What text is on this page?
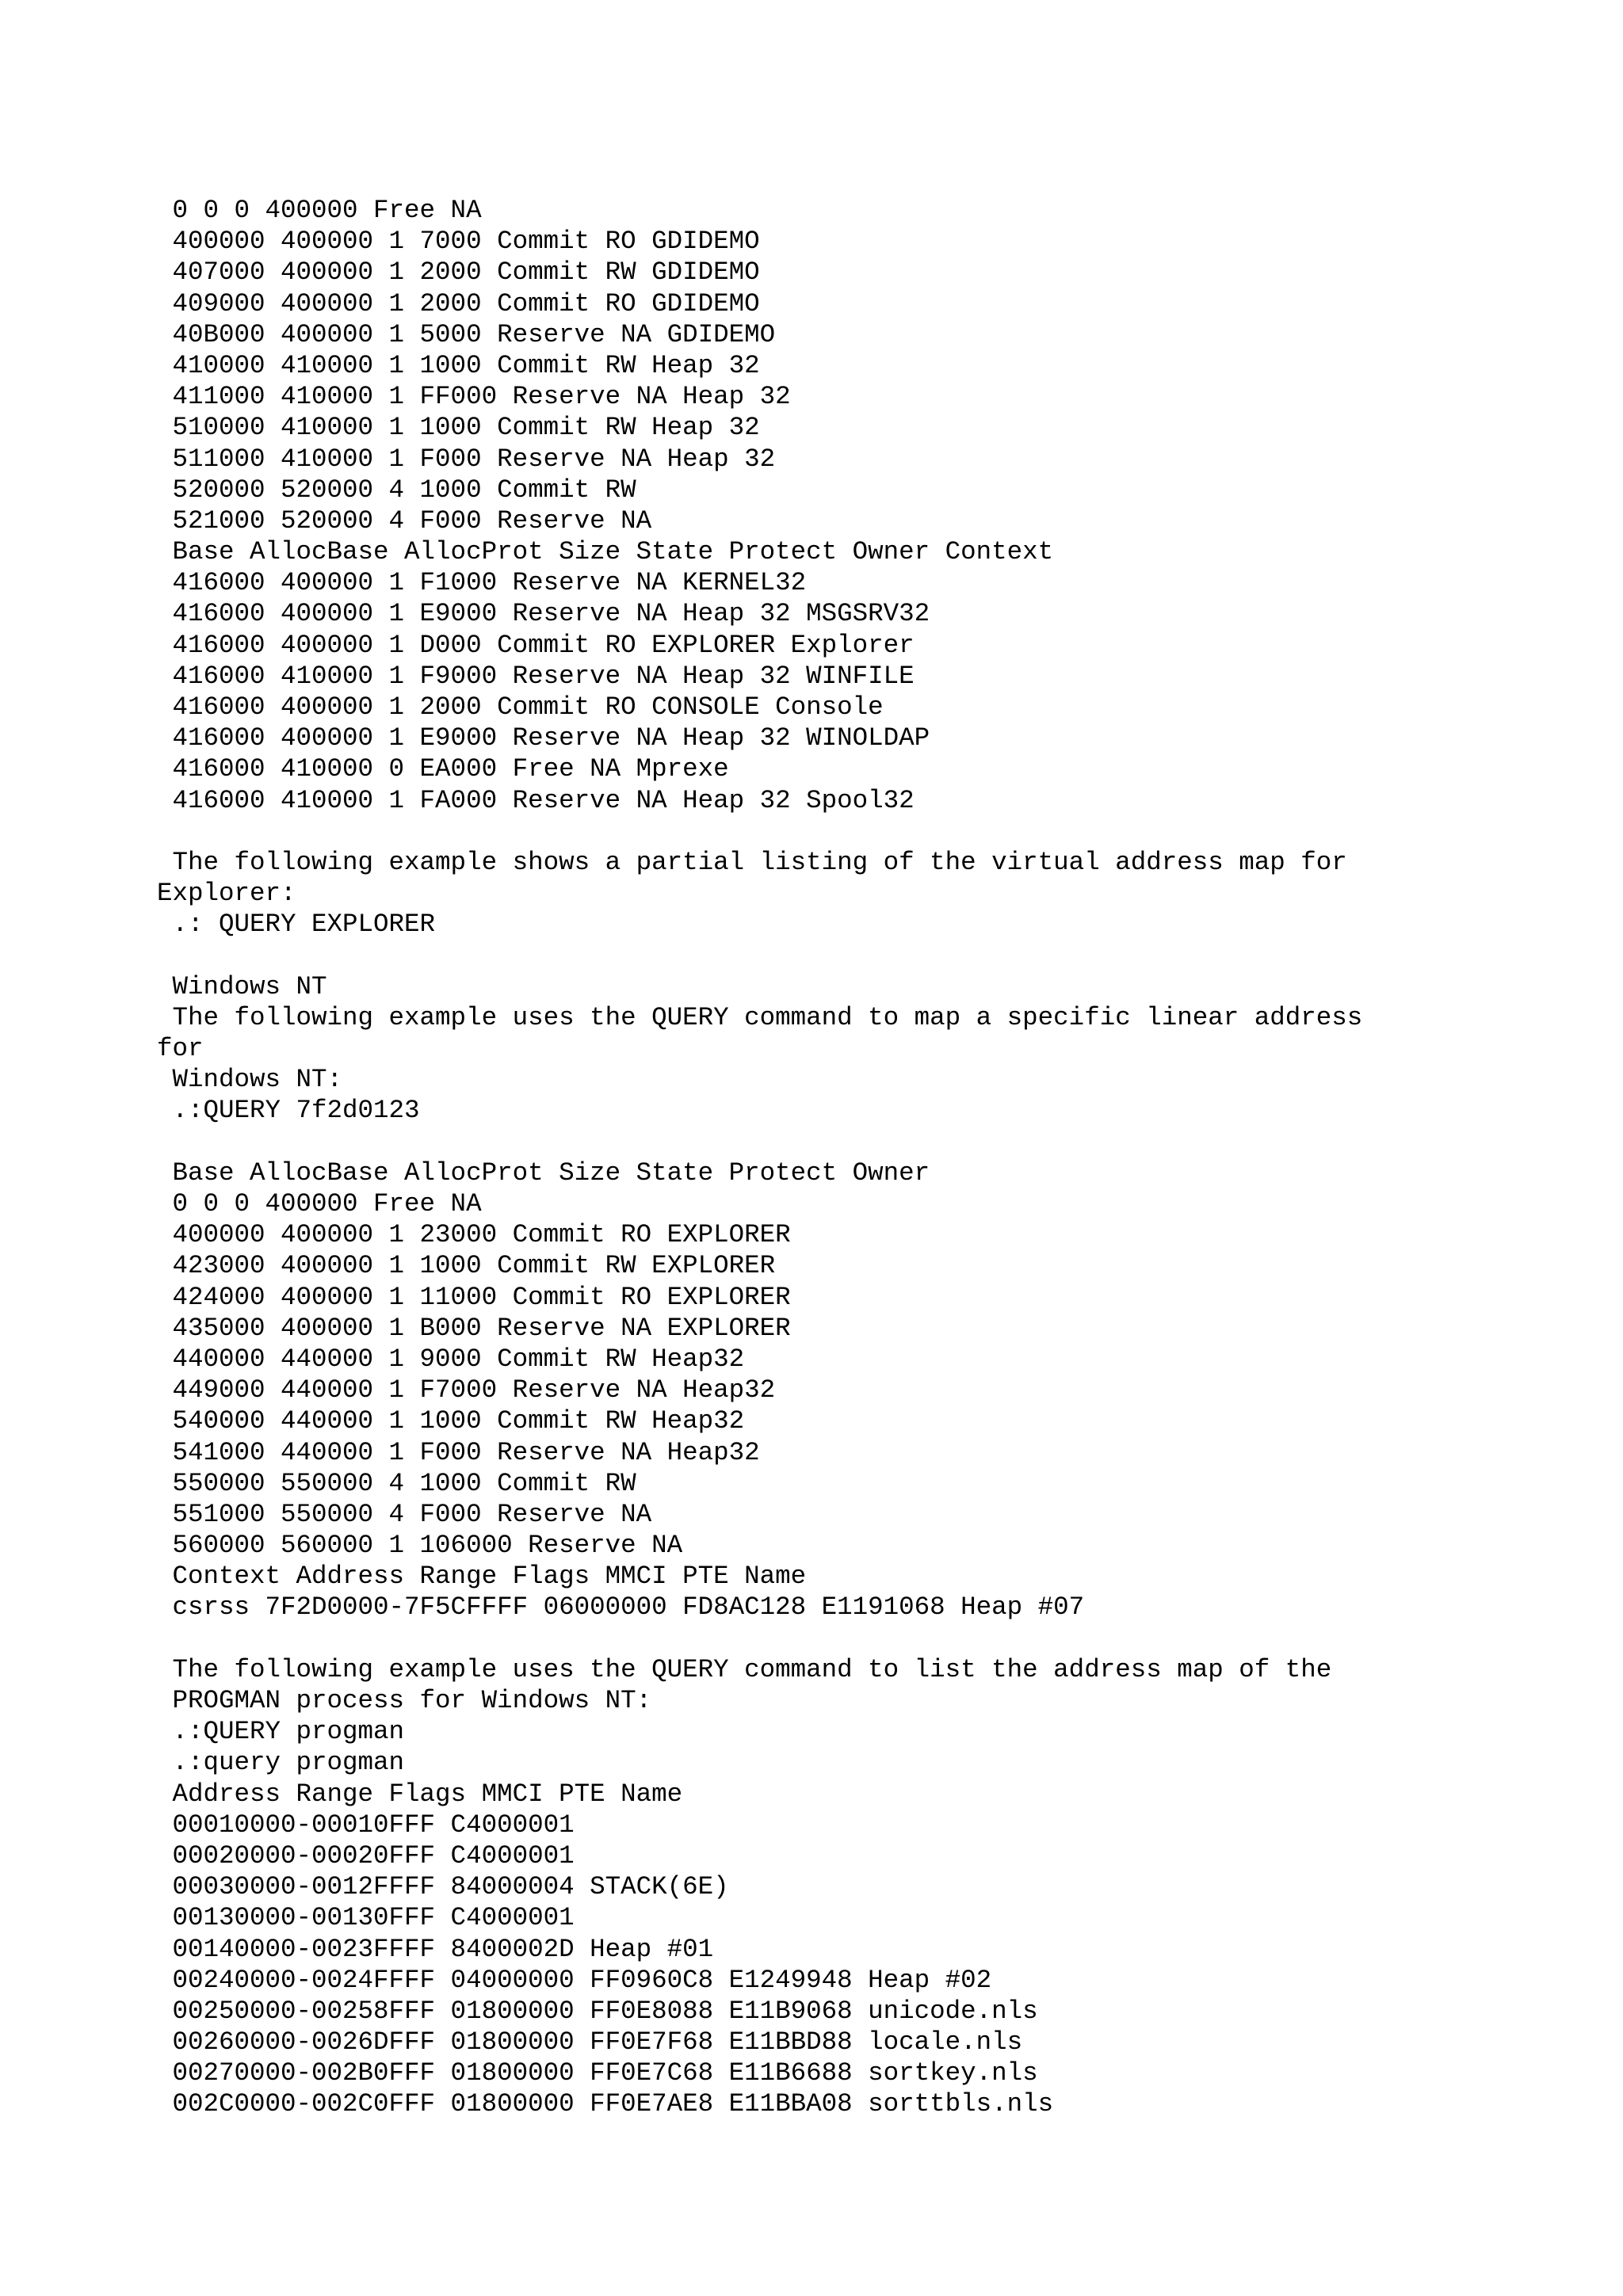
0 0 0 400000 Free NA
400000 400000 1 7000 Commit RO GDIDEMO
407000 400000 1 2000 Commit RW GDIDEMO
409000 400000 1 2000 Commit RO GDIDEMO
40B000 400000 1 5000 Reserve NA GDIDEMO
410000 410000 1 1000 Commit RW Heap 32
411000 410000 1 FF000 Reserve NA Heap 32
510000 410000 1 1000 Commit RW Heap 32
511000 410000 1 F000 Reserve NA Heap 32
520000 520000 4 1000 Commit RW
521000 520000 4 F000 Reserve NA
Base AllocBase AllocProt Size State Protect Owner Context
416000 400000 1 F1000 Reserve NA KERNEL32
416000 400000 1 E9000 Reserve NA Heap 32 MSGSRV32
416000 400000 1 D000 Commit RO EXPLORER Explorer
416000 410000 1 F9000 Reserve NA Heap 32 WINFILE
416000 400000 1 2000 Commit RO CONSOLE Console
416000 400000 1 E9000 Reserve NA Heap 32 WINOLDAP
416000 410000 0 EA000 Free NA Mprexe
416000 410000 1 FA000 Reserve NA Heap 32 Spool32
The following example shows a partial listing of the virtual address map for
Explorer:
.: QUERY EXPLORER
Windows NT
The following example uses the QUERY command to map a specific linear address
for
Windows NT:
.:QUERY 7f2d0123
Base AllocBase AllocProt Size State Protect Owner
0 0 0 400000 Free NA
400000 400000 1 23000 Commit RO EXPLORER
423000 400000 1 1000 Commit RW EXPLORER
424000 400000 1 11000 Commit RO EXPLORER
435000 400000 1 B000 Reserve NA EXPLORER
440000 440000 1 9000 Commit RW Heap32
449000 440000 1 F7000 Reserve NA Heap32
540000 440000 1 1000 Commit RW Heap32
541000 440000 1 F000 Reserve NA Heap32
550000 550000 4 1000 Commit RW
551000 550000 4 F000 Reserve NA
560000 560000 1 106000 Reserve NA
Context Address Range Flags MMCI PTE Name
csrss 7F2D0000-7F5CFFFF 06000000 FD8AC128 E1191068 Heap #07
The following example uses the QUERY command to list the address map of the
PROGMAN process for Windows NT:
.:QUERY progman
.:query progman
Address Range Flags MMCI PTE Name
00010000-00010FFF C4000001
00020000-00020FFF C4000001
00030000-0012FFFF 84000004 STACK(6E)
00130000-00130FFF C4000001
00140000-0023FFFF 8400002D Heap #01
00240000-0024FFFF 04000000 FF0960C8 E1249948 Heap #02
00250000-00258FFF 01800000 FF0E8088 E11B9068 unicode.nls
00260000-0026DFFF 01800000 FF0E7F68 E11BBD88 locale.nls
00270000-002B0FFF 01800000 FF0E7C68 E11B6688 sortkey.nls
002C0000-002C0FFF 01800000 FF0E7AE8 E11BBA08 sorttbls.nls
